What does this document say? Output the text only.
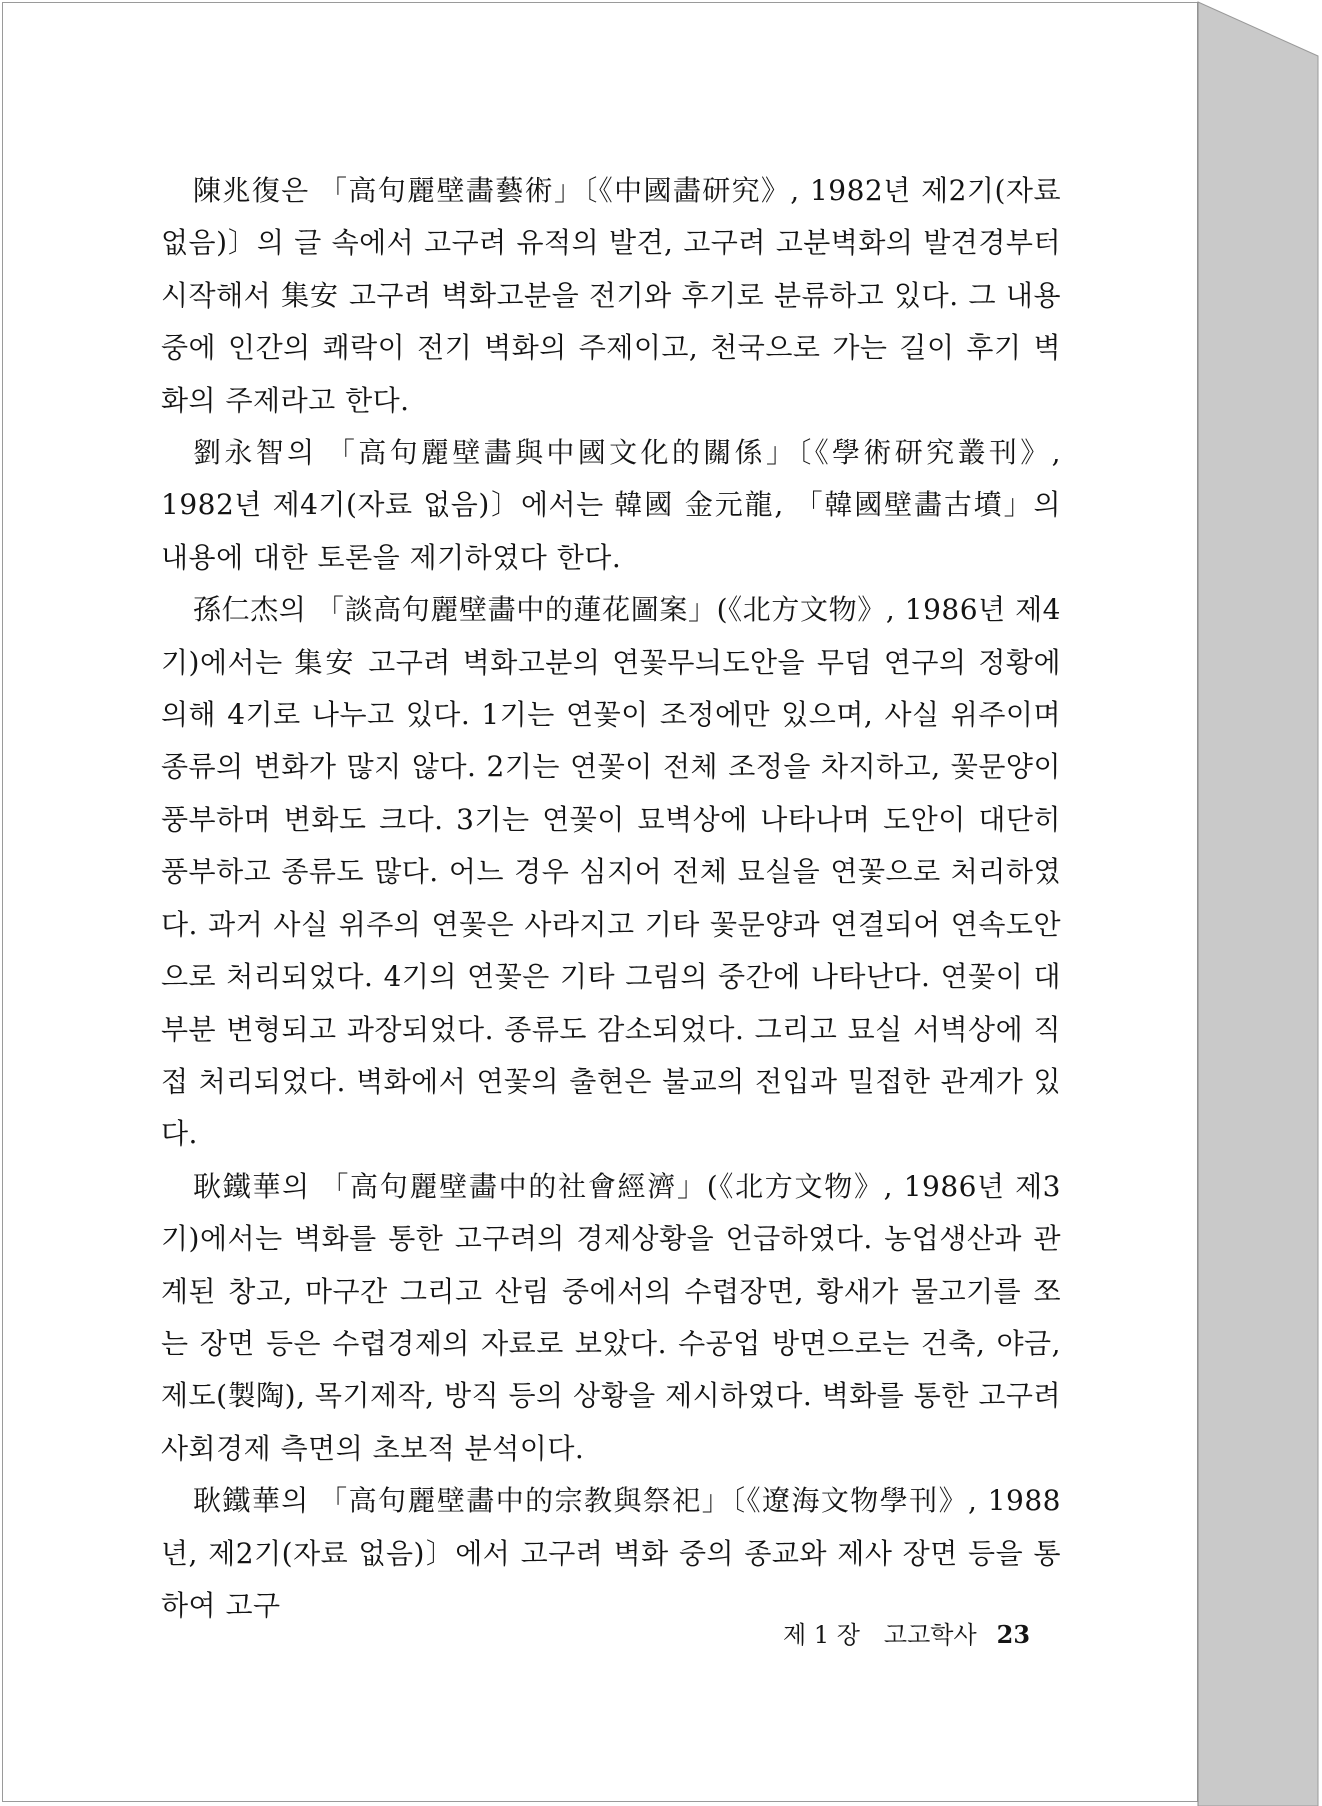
陳兆復은 「高句麗壁畵藝術」〔《中國畵研究》, 1982년 제2기(자료 없음)〕의 글 속에서 고구려 유적의 발견, 고구려 고분벽화의 발견경부터 시작해서 集安 고구려 벽화고분을 전기와 후기로 분류하고 있다. 그 내용 중에 인간의 쾌락이 전기 벽화의 주제이고, 천국으로 가는 길이 후기 벽화의 주제라고 한다.

劉永智의 「高句麗壁畵與中國文化的關係」〔《學術研究叢刊》, 1982년 제4기(자료 없음)〕에서는 韓國 金元龍, 「韓國壁畵古墳」의 내용에 대한 토론을 제기하였다 한다.

孫仁杰의 「談高句麗壁畵中的蓮花圖案」(《北方文物》, 1986년 제4기)에서는 集安 고구려 벽화고분의 연꽃무늬도안을 무덤 연구의 정황에 의해 4기로 나누고 있다. 1기는 연꽃이 조정에만 있으며, 사실 위주이며 종류의 변화가 많지 않다. 2기는 연꽃이 전체 조정을 차지하고, 꽃문양이 풍부하며 변화도 크다. 3기는 연꽃이 묘벽상에 나타나며 도안이 대단히 풍부하고 종류도 많다. 어느 경우 심지어 전체 묘실을 연꽃으로 처리하였다. 과거 사실 위주의 연꽃은 사라지고 기타 꽃문양과 연결되어 연속도안으로 처리되었다. 4기의 연꽃은 기타 그림의 중간에 나타난다. 연꽃이 대부분 변형되고 과장되었다. 종류도 감소되었다. 그리고 묘실 서벽상에 직접 처리되었다. 벽화에서 연꽃의 출현은 불교의 전입과 밀접한 관계가 있다.

耿鐵華의 「高句麗壁畵中的社會經濟」(《北方文物》, 1986년 제3기)에서는 벽화를 통한 고구려의 경제상황을 언급하였다. 농업생산과 관계된 창고, 마구간 그리고 산림 중에서의 수렵장면, 황새가 물고기를 쪼는 장면 등은 수렵경제의 자료로 보았다. 수공업 방면으로는 건축, 야금, 제도(製陶), 목기제작, 방직 등의 상황을 제시하였다. 벽화를 통한 고구려 사회경제 측면의 초보적 분석이다.

耿鐵華의 「高句麗壁畵中的宗教與祭祀」〔《遼海文物學刊》, 1988년, 제2기(자료 없음)〕에서 고구려 벽화 중의 종교와 제사 장면 등을 통하여 고구

제 1 장 고고학사 23
